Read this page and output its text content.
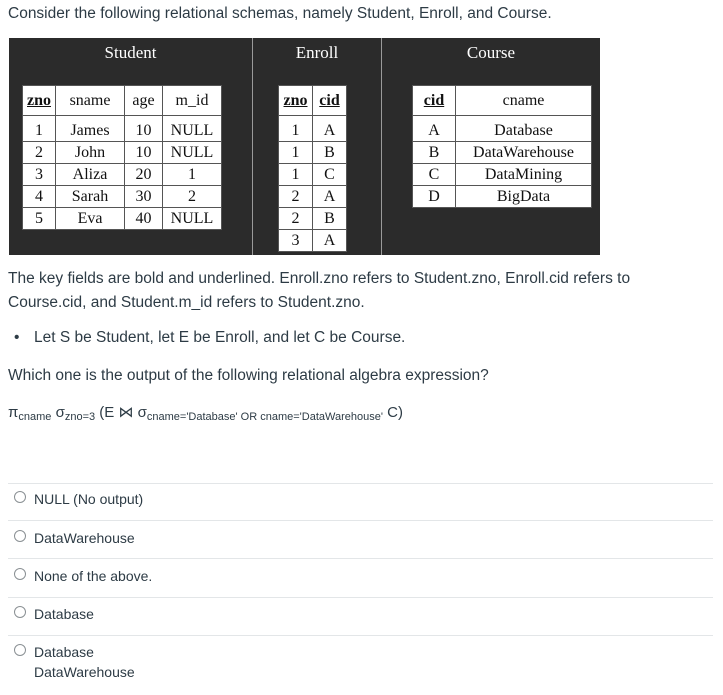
Consider the following relational schemas, namely Student, Enroll, and Course.
Student	Enroll	Course
zno	sname	age	m_id
1	James	10	NULL
2	John	10	NULL
3	Aliza	20	1
4	Sarah	30	2
5	Eva	40	NULL
zno	cid
1	A
1	B
1	C
2	A
2	B
3	A
cid	cname
A	Database
B	DataWarehouse
C	DataMining
D	BigData
The key fields are bold and underlined. Enroll.zno refers to Student.zno, Enroll.cid refers to
Course.cid, and Student.m_id refers to Student.zno.
• Let S be Student, let E be Enroll, and let C be Course.
Which one is the output of the following relational algebra expression?
$\pi_{cname}$ $\sigma_{zno=3}$ (E ⋈ $\sigma_{cname='Database' OR cname='DataWarehouse'}$ C)
NULL (No output)
DataWarehouse
None of the above.
Database
Database
DataWarehouse
